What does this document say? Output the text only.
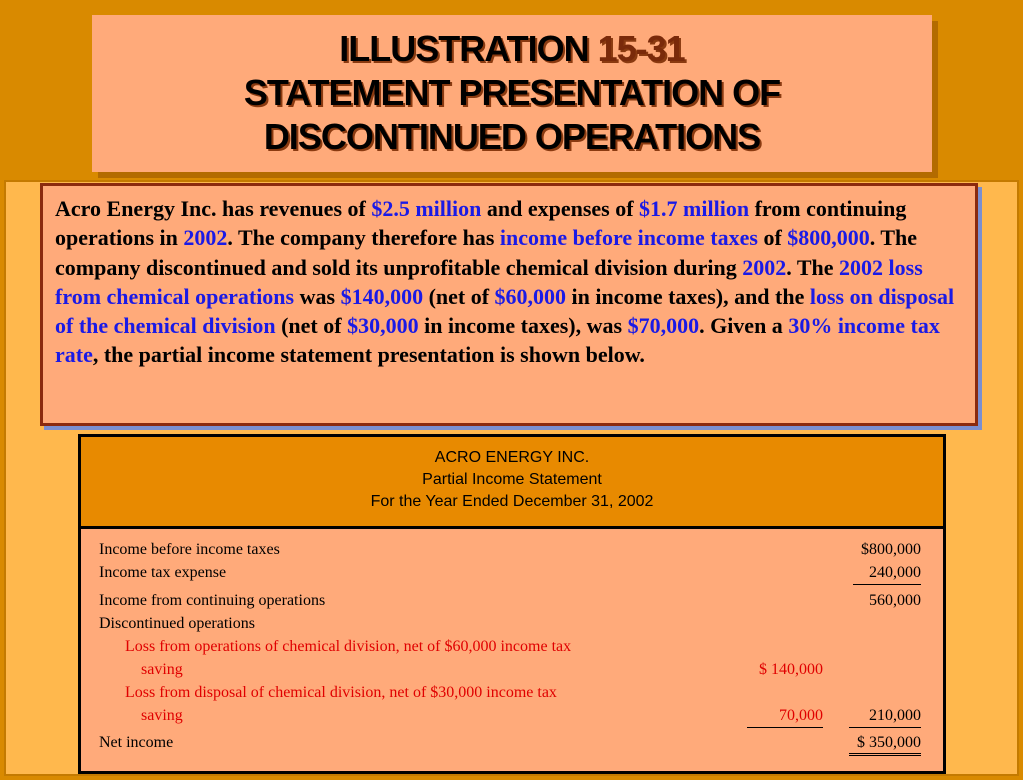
ILLUSTRATION 15-31
STATEMENT PRESENTATION OF
DISCONTINUED OPERATIONS
Acro Energy Inc. has revenues of $2.5 million and expenses of $1.7 million from continuing operations in 2002. The company therefore has income before income taxes of $800,000. The company discontinued and sold its unprofitable chemical division during 2002. The 2002 loss from chemical operations was $140,000 (net of $60,000 in income taxes), and the loss on disposal of the chemical division (net of $30,000 in income taxes), was $70,000. Given a 30% income tax rate, the partial income statement presentation is shown below.
ACRO ENERGY INC.
Partial Income Statement
For the Year Ended December 31, 2002
Income before income taxes	$800,000
Income tax expense	240,000
Income from continuing operations	560,000
Discontinued operations
Loss from operations of chemical division, net of $60,000 income tax
saving	$ 140,000
Loss from disposal of chemical division, net of $30,000 income tax
saving	70,000	210,000
Net income	$ 350,000
